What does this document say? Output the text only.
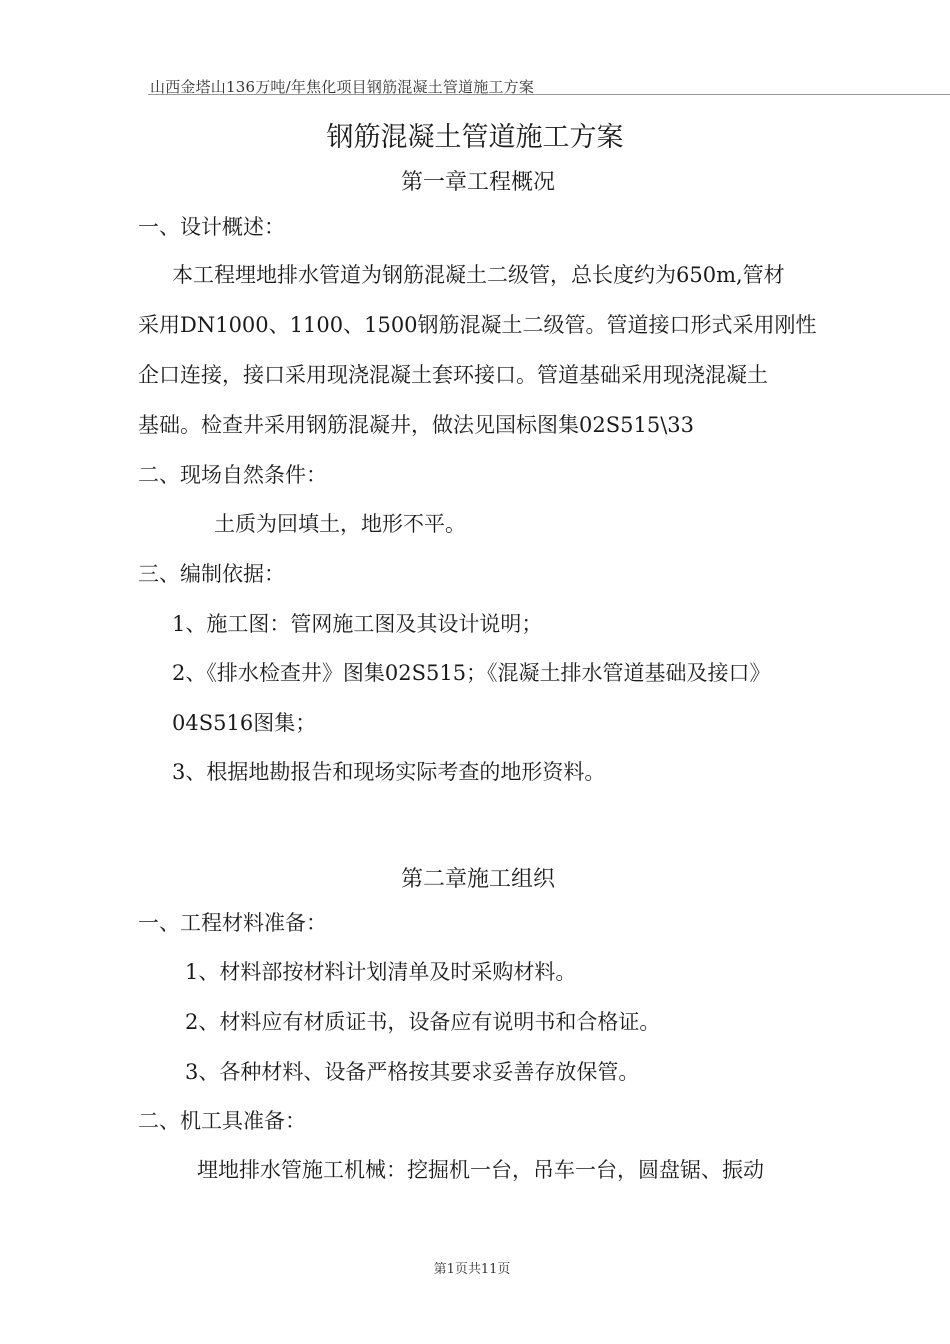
山西金塔山136万吨/年焦化项目钢筋混凝土管道施工方案
钢筋混凝土管道施工方案
第一章工程概况
一、设计概述：
本工程埋地排水管道为钢筋混凝土二级管，总长度约为650m,管材
采用DN1000、1100、1500钢筋混凝土二级管。管道接口形式采用刚性
企口连接，接口采用现浇混凝土套环接口。管道基础采用现浇混凝土
基础。检查井采用钢筋混凝井，做法见国标图集02S515\33
二、现场自然条件：
土质为回填土，地形不平。
三、编制依据：
1、施工图：管网施工图及其设计说明；
2、《排水检查井》图集02S515；《混凝土排水管道基础及接口》
04S516图集；
3、根据地勘报告和现场实际考查的地形资料。
第二章施工组织
一、工程材料准备：
1、材料部按材料计划清单及时采购材料。
2、材料应有材质证书，设备应有说明书和合格证。
3、各种材料、设备严格按其要求妥善存放保管。
二、机工具准备：
埋地排水管施工机械：挖掘机一台，吊车一台，圆盘锯、振动
第1页共11页
